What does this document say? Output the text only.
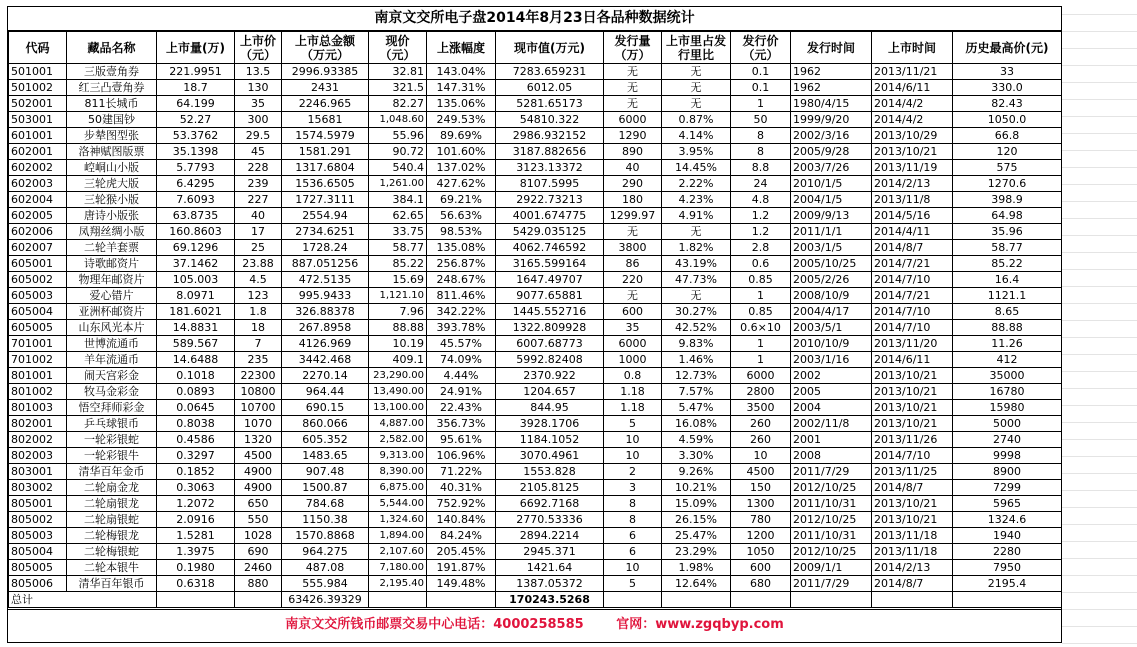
南京文交所电子盘2014年8月23日各品种数据统计
代码	藏品名称	上市量(万)	上市价（元）	上市总金额（万元）	现价（元）	上涨幅度	现市值(万元)	发行量（万）	上市里占发行里比	发行价（元）	发行时间	上市时间	历史最高价(元)
501001	三版壹角券	221.9951	13.5	2996.93385	32.81	143.04%	7283.659231	无	无	0.1	1962	2013/11/21	33
501002	红三凸壹角券	18.7	130	2431	321.5	147.31%	6012.05	无	无	0.1	1962	2014/6/11	330.0
502001	811长城币	64.199	35	2246.965	82.27	135.06%	5281.65173	无	无	1	1980/4/15	2014/4/2	82.43
503001	50建国钞	52.27	300	15681	1,048.60	249.53%	54810.322	6000	0.87%	50	1999/9/20	2014/4/2	1050.0
601001	步辇图型张	53.3762	29.5	1574.5979	55.96	89.69%	2986.932152	1290	4.14%	8	2002/3/16	2013/10/29	66.8
602001	洛神赋图版票	35.1398	45	1581.291	90.72	101.60%	3187.882656	890	3.95%	8	2005/9/28	2013/10/21	120
602002	崆峒山小版	5.7793	228	1317.6804	540.4	137.02%	3123.13372	40	14.45%	8.8	2003/7/26	2013/11/19	575
602003	三轮虎大版	6.4295	239	1536.6505	1,261.00	427.62%	8107.5995	290	2.22%	24	2010/1/5	2014/2/13	1270.6
602004	三轮猴小版	7.6093	227	1727.3111	384.1	69.21%	2922.73213	180	4.23%	4.8	2004/1/5	2013/11/8	398.9
602005	唐诗小版张	63.8735	40	2554.94	62.65	56.63%	4001.674775	1299.97	4.91%	1.2	2009/9/13	2014/5/16	64.98
602006	凤翔丝绸小版	160.8603	17	2734.6251	33.75	98.53%	5429.035125	无	无	1.2	2011/1/1	2014/4/11	35.96
602007	二轮羊套票	69.1296	25	1728.24	58.77	135.08%	4062.746592	3800	1.82%	2.8	2003/1/5	2014/8/7	58.77
605001	诗歌邮资片	37.1462	23.88	887.051256	85.22	256.87%	3165.599164	86	43.19%	0.6	2005/10/25	2014/7/21	85.22
605002	物理年邮资片	105.003	4.5	472.5135	15.69	248.67%	1647.49707	220	47.73%	0.85	2005/2/26	2014/7/10	16.4
605003	爱心错片	8.0971	123	995.9433	1,121.10	811.46%	9077.65881	无	无	1	2008/10/9	2014/7/21	1121.1
605004	亚洲杯邮资片	181.6021	1.8	326.88378	7.96	342.22%	1445.552716	600	30.27%	0.85	2004/4/17	2014/7/10	8.65
605005	山东风光本片	14.8831	18	267.8958	88.88	393.78%	1322.809928	35	42.52%	0.6×10	2003/5/1	2014/7/10	88.88
701001	世博流通币	589.567	7	4126.969	10.19	45.57%	6007.68773	6000	9.83%	1	2010/10/9	2013/11/20	11.26
701002	羊年流通币	14.6488	235	3442.468	409.1	74.09%	5992.82408	1000	1.46%	1	2003/1/16	2014/6/11	412
801001	闹天宫彩金	0.1018	22300	2270.14	23,290.00	4.44%	2370.922	0.8	12.73%	6000	2002	2013/10/21	35000
801002	牧马金彩金	0.0893	10800	964.44	13,490.00	24.91%	1204.657	1.18	7.57%	2800	2005	2013/10/21	16780
801003	悟空拜师彩金	0.0645	10700	690.15	13,100.00	22.43%	844.95	1.18	5.47%	3500	2004	2013/10/21	15980
802001	乒乓球银币	0.8038	1070	860.066	4,887.00	356.73%	3928.1706	5	16.08%	260	2002/11/8	2013/10/21	5000
802002	一轮彩银蛇	0.4586	1320	605.352	2,582.00	95.61%	1184.1052	10	4.59%	260	2001	2013/11/26	2740
802003	一轮彩银牛	0.3297	4500	1483.65	9,313.00	106.96%	3070.4961	10	3.30%	10	2008	2014/7/10	9998
803001	清华百年金币	0.1852	4900	907.48	8,390.00	71.22%	1553.828	2	9.26%	4500	2011/7/29	2013/11/25	8900
803002	二轮扇金龙	0.3063	4900	1500.87	6,875.00	40.31%	2105.8125	3	10.21%	150	2012/10/25	2014/8/7	7299
805001	二轮扇银龙	1.2072	650	784.68	5,544.00	752.92%	6692.7168	8	15.09%	1300	2011/10/31	2013/10/21	5965
805002	二轮扇银蛇	2.0916	550	1150.38	1,324.60	140.84%	2770.53336	8	26.15%	780	2012/10/25	2013/10/21	1324.6
805003	二轮梅银龙	1.5281	1028	1570.8868	1,894.00	84.24%	2894.2214	6	25.47%	1200	2011/10/31	2013/11/18	1940
805004	二轮梅银蛇	1.3975	690	964.275	2,107.60	205.45%	2945.371	6	23.29%	1050	2012/10/25	2013/11/18	2280
805005	二轮本银牛	0.1980	2460	487.08	7,180.00	191.87%	1421.64	10	1.98%	600	2009/1/1	2014/2/13	7950
805006	清华百年银币	0.6318	880	555.984	2,195.40	149.48%	1387.05372	5	12.64%	680	2011/7/29	2014/8/7	2195.4
总计				63426.39329			170243.5268						
南京文交所钱币邮票交易中心电话：4000258585	官网：www.zgqbyp.com
